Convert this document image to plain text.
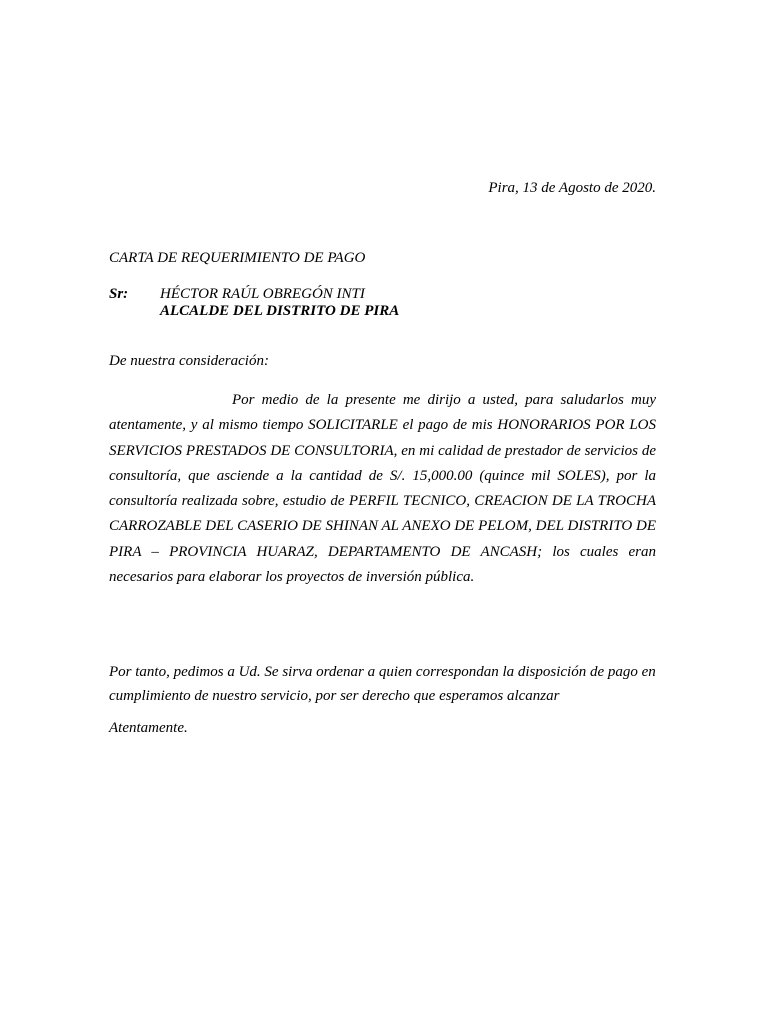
Pira, 13 de Agosto de 2020.
CARTA DE REQUERIMIENTO DE PAGO
Sr: HÉCTOR RAÚL OBREGÓN INTI
ALCALDE DEL DISTRITO DE PIRA
De nuestra consideración:

Por medio de la presente me dirijo a usted, para saludarlos muy atentamente, y al mismo tiempo SOLICITARLE el pago de mis HONORARIOS POR LOS SERVICIOS PRESTADOS DE CONSULTORIA, en mi calidad de prestador de servicios de consultoría, que asciende a la cantidad de S/. 15,000.00 (quince mil SOLES), por la consultoría realizada sobre, estudio de PERFIL TECNICO, CREACION DE LA TROCHA CARROZABLE DEL CASERIO DE SHINAN AL ANEXO DE PELOM, DEL DISTRITO DE PIRA – PROVINCIA HUARAZ, DEPARTAMENTO DE ANCASH; los cuales eran necesarios para elaborar los proyectos de inversión pública.

Por tanto, pedimos a Ud. Se sirva ordenar a quien correspondan la disposición de pago en cumplimiento de nuestro servicio, por ser derecho que esperamos alcanzar

Atentamente.
